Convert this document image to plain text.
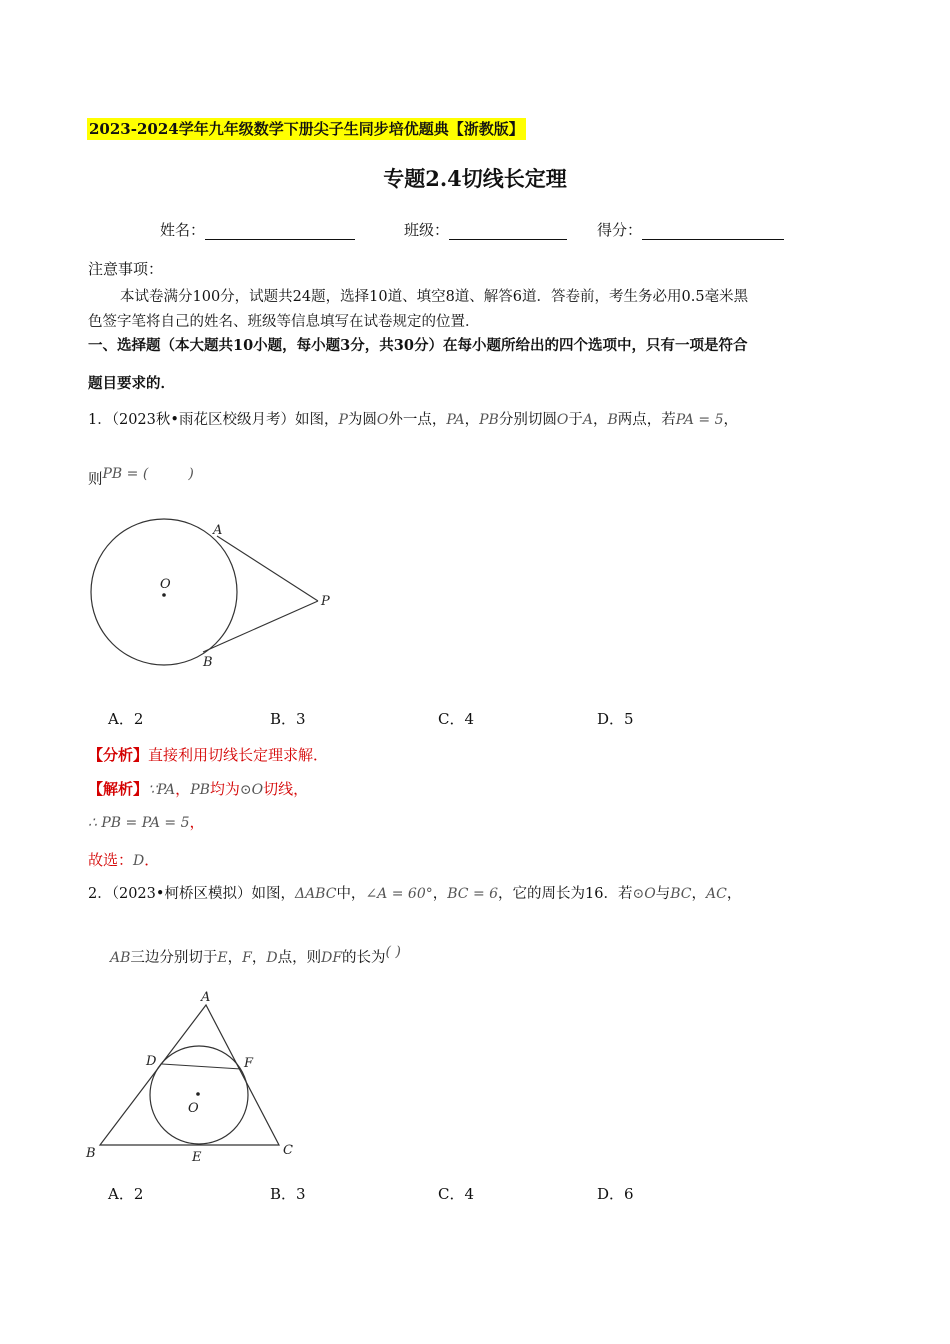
2023-2024学年九年级数学下册尖子生同步培优题典【浙教版】
专题2.4切线长定理
姓名：	班级：	得分：
注意事项：
本试卷满分100分，试题共24题，选择10道、填空8道、解答6道．答卷前，考生务必用0.5毫米黑
色签字笔将自己的姓名、班级等信息填写在试卷规定的位置．
一、选择题（本大题共10小题，每小题3分，共30分）在每小题所给出的四个选项中，只有一项是符合
题目要求的．
1．（2023秋•雨花区校级月考）如图，P为圆O外一点，PA，PB分别切圆O于A，B两点，若PA = 5，
则PB = (	)
A
B
O
P
A．2	B．3	C．4	D．5
【分析】直接利用切线长定理求解．
【解析】∵PA，PB均为⊙O切线，
∴ PB = PA = 5，
故选：D．
2．（2023•柯桥区模拟）如图，ΔABC中，∠A = 60°，BC = 6，它的周长为16．若⊙O与BC，AC，
AB三边分别切于E，F，D点，则DF的长为( )
A
B	C
D
E
F
O
A．2	B．3	C．4	D．6
